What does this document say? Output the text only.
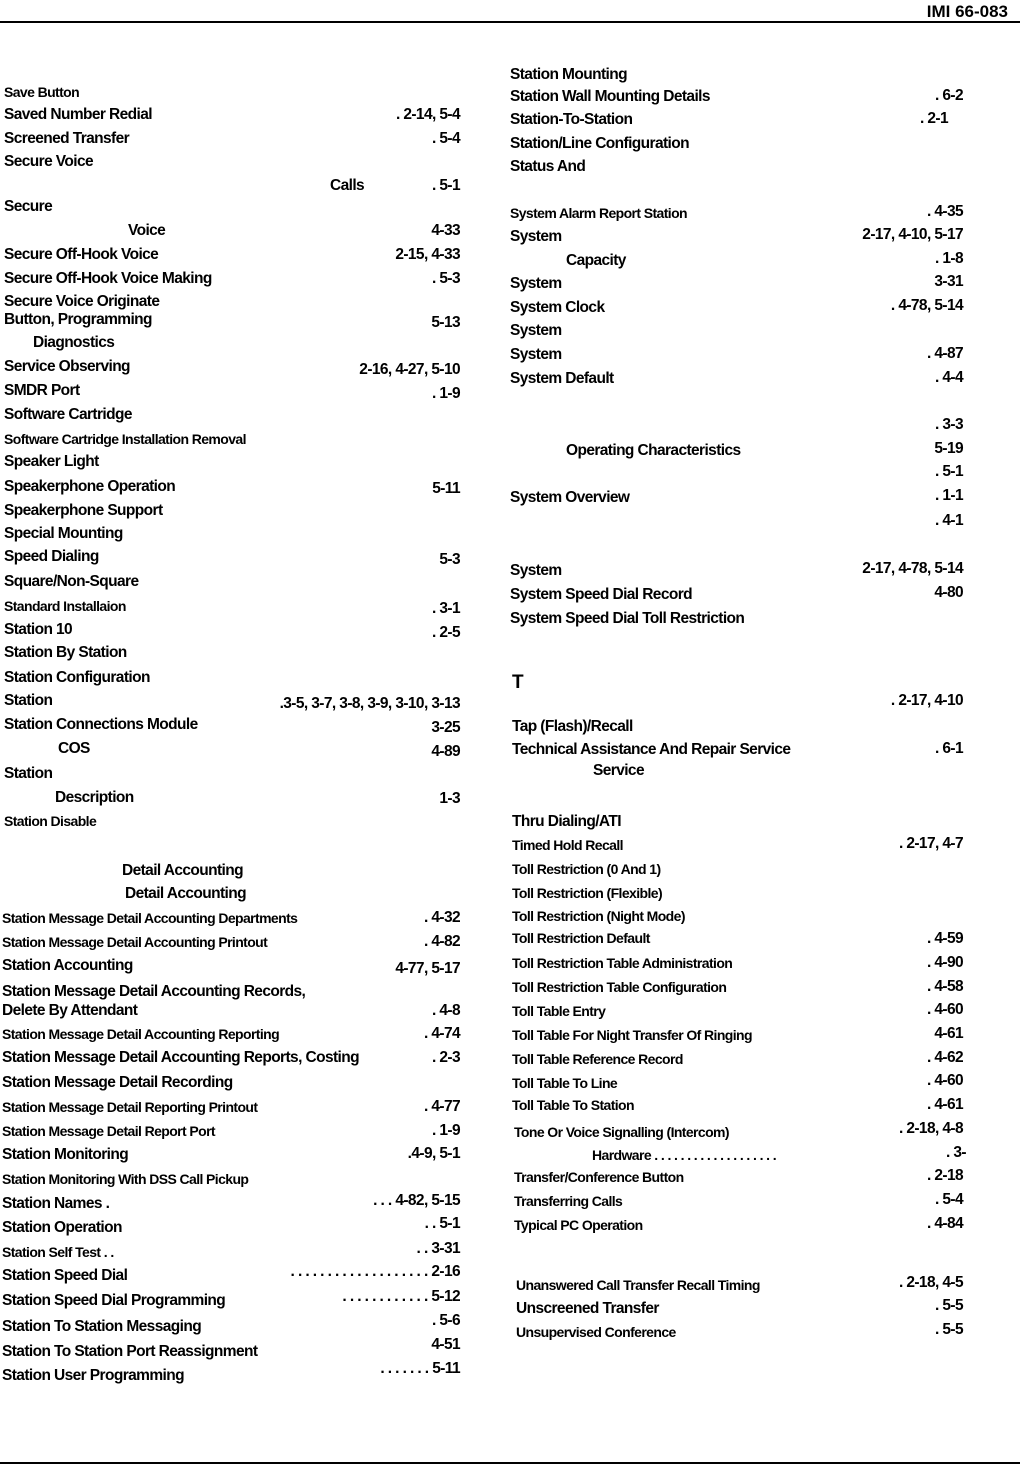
IMI 66-083
Save Button
Saved Number Redial	. 2-14, 5-4
Screened Transfer	. 5-4
Secure Voice
Calls	. 5-1
Secure
Voice	4-33
Secure Off-Hook Voice	2-15, 4-33
Secure Off-Hook Voice Making	. 5-3
Secure Voice Originate
Button, Programming	5-13
Diagnostics
Service Observing	2-16, 4-27, 5-10
SMDR Port	. 1-9
Software Cartridge
Software Cartridge Installation Removal
Speaker Light
Speakerphone Operation	5-11
Speakerphone Support
Special Mounting
Speed Dialing	5-3
Square/Non-Square
Standard Installaion	. 3-1
Station 10	. 2-5
Station By Station
Station Configuration
Station	.3-5, 3-7, 3-8, 3-9, 3-10, 3-13
Station Connections Module	3-25
COS	4-89
Station
Description	1-3
Station Disable
Detail Accounting
Detail Accounting
Station Message Detail Accounting Departments	. 4-32
Station Message Detail Accounting Printout	. 4-82
Station Accounting	4-77, 5-17
Station Message Detail Accounting Records,
Delete By Attendant	. 4-8
Station Message Detail Accounting Reporting	. 4-74
Station Message Detail Accounting Reports, Costing	. 2-3
Station Message Detail Recording
Station Message Detail Reporting Printout	. 4-77
Station Message Detail Report Port	. 1-9
Station Monitoring	.4-9, 5-1
Station Monitoring With DSS Call Pickup
Station Names .	. . . 4-82, 5-15
Station Operation	. . 5-1
Station Self Test . .	. . 3-31
Station Speed Dial	. . . . . . . . . . . . . . . . . . . 2-16
Station Speed Dial Programming	. . . . . . . . . . . . 5-12
Station To Station Messaging	. 5-6
Station To Station Port Reassignment	4-51
Station User Programming	. . . . . . . 5-11
Station Mounting
Station Wall Mounting Details	. 6-2
Station-To-Station	. 2-1
Station/Line Configuration
Status And
System Alarm Report Station	. 4-35
System	2-17, 4-10, 5-17
Capacity	. 1-8
System	3-31
System Clock	. 4-78, 5-14
System
System	. 4-87
System Default	. 4-4
. 3-3
Operating Characteristics	5-19
. 5-1
System Overview	. 1-1
. 4-1
System	2-17, 4-78, 5-14
System Speed Dial Record	4-80
System Speed Dial Toll Restriction
T
. 2-17, 4-10
Tap (Flash)/Recall
Technical Assistance And Repair Service	. 6-1
Service
Thru Dialing/ATI
Timed Hold Recall	. 2-17, 4-7
Toll Restriction (0 And 1)
Toll Restriction (Flexible)
Toll Restriction (Night Mode)
Toll Restriction Default	. 4-59
Toll Restriction Table Administration	. 4-90
Toll Restriction Table Configuration	. 4-58
Toll Table Entry	. 4-60
Toll Table For Night Transfer Of Ringing	4-61
Toll Table Reference Record	. 4-62
Toll Table To Line	. 4-60
Toll Table To Station	. 4-61
Tone Or Voice Signalling (Intercom)	. 2-18, 4-8
Hardware . . . . . . . . . . . . . . . . . . .	. 3-
Transfer/Conference Button	. 2-18
Transferring Calls	. 5-4
Typical PC Operation	. 4-84
Unanswered Call Transfer Recall Timing	. 2-18, 4-5
Unscreened Transfer	. 5-5
Unsupervised Conference	. 5-5
